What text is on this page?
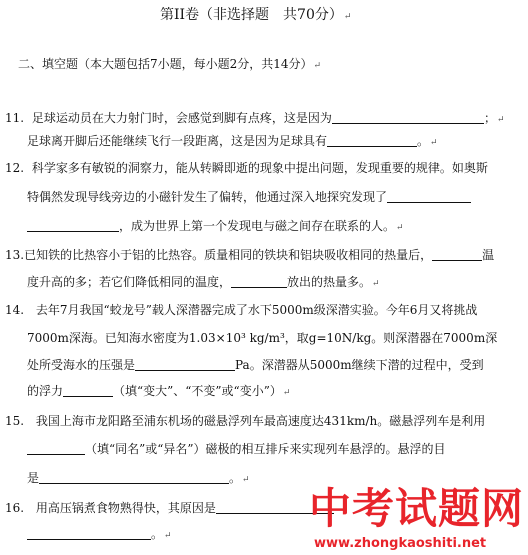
第II卷（非选择题　共70分）↵
二、填空题（本大题包括7小题，每小题2分，共14分）↵
11. 足球运动员在大力射门时，会感觉到脚有点疼，这是因为	；↵
足球离开脚后还能继续飞行一段距离，这是因为足球具有	。↵
12. 科学家多有敏锐的洞察力，能从转瞬即逝的现象中提出问题，发现重要的规律。如奥斯
特偶然发现导线旁边的小磁针发生了偏转，他通过深入地探究发现了
，成为世界上第一个发现电与磁之间存在联系的人。↵
13.已知铁的比热容小于铝的比热容。质量相同的铁块和铝块吸收相同的热量后，	温
度升高的多；若它们降低相同的温度，	放出的热量多。↵
14. 去年7月我国“蛟龙号”载人深潜器完成了水下5000m级深潜实验。今年6月又将挑战
7000m深海。已知海水密度为1.03×10³ kg/m³，取g=10N/kg。则深潜器在7000m深
处所受海水的压强是	Pa。深潜器从5000m继续下潜的过程中，受到
的浮力	（填“变大”、“不变”或“变小”）↵
15. 我国上海市龙阳路至浦东机场的磁悬浮列车最高速度达431km/h。磁悬浮列车是利用
（填“同名”或“异名”）磁极的相互排斥来实现列车悬浮的。悬浮的目
是	。↵
16. 用高压锅煮食物熟得快，其原因是
。↵
中考试题网
www.zhongkaoshiti.net
